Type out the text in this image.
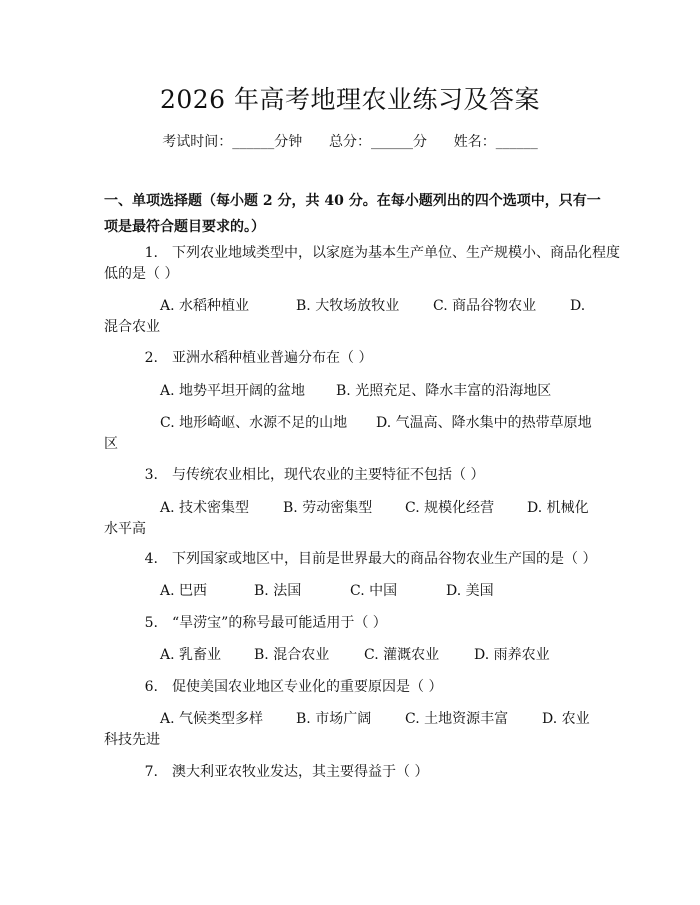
2026 年高考地理农业练习及答案
考试时间：______分钟      总分：______分      姓名：______
一、单项选择题（每小题 2 分，共 40 分。在每小题列出的四个选项中，只有一项是最符合题目要求的。）
1. 下列农业地域类型中，以家庭为基本生产单位、生产规模小、商品化程度
低的是（ ）
A. 水稻种植业	B. 大牧场放牧业 C. 商品谷物农业 D.
混合农业
2. 亚洲水稻种植业普遍分布在（ ）
A. 地势平坦开阔的盆地 B. 光照充足、降水丰富的沿海地区
C. 地形崎岖、水源不足的山地 D. 气温高、降水集中的热带草原地
区
3. 与传统农业相比，现代农业的主要特征不包括（ ）
A. 技术密集型 B. 劳动密集型 C. 规模化经营 D. 机械化
水平高
4. 下列国家或地区中，目前是世界最大的商品谷物农业生产国的是（ ）
A. 巴西	B. 法国	C. 中国	D. 美国
5. “旱涝宝”的称号最可能适用于（ ）
A. 乳畜业 B. 混合农业 C. 灌溉农业 D. 雨养农业
6. 促使美国农业地区专业化的重要原因是（ ）
A. 气候类型多样 B. 市场广阔 C. 土地资源丰富 D. 农业
科技先进
7. 澳大利亚农牧业发达，其主要得益于（ ）
